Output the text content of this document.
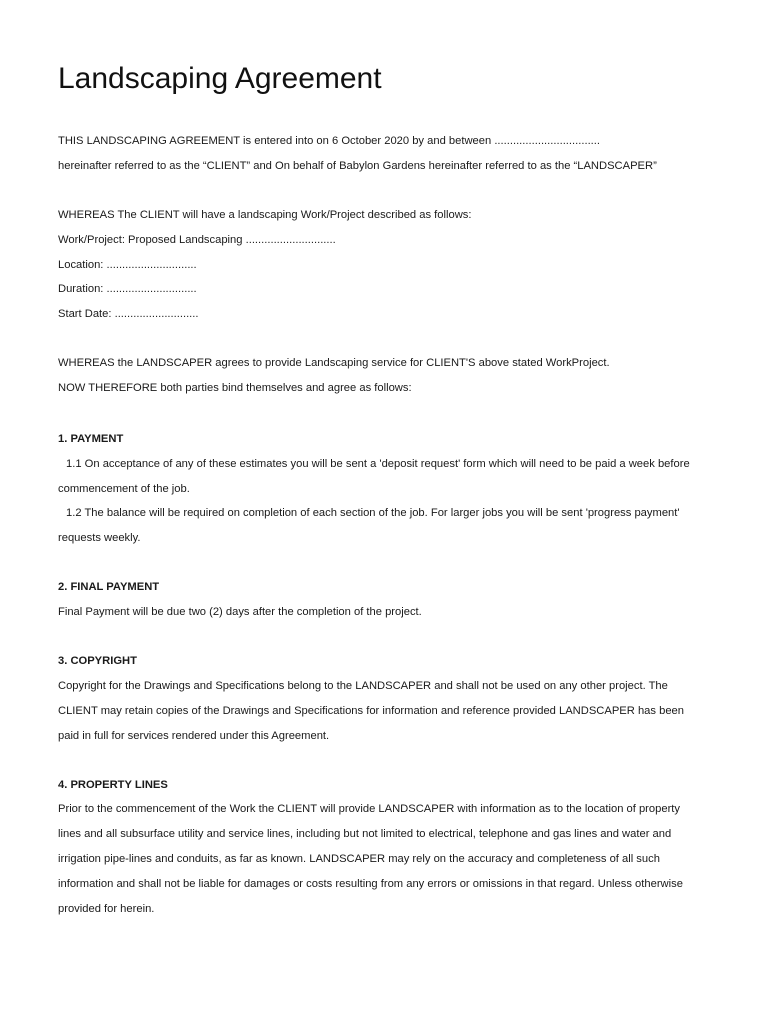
Landscaping Agreement
THIS LANDSCAPING AGREEMENT is entered into on 6 October 2020 by and between ..................................
hereinafter referred to as the “CLIENT” and On behalf of Babylon Gardens hereinafter referred to as the “LANDSCAPER”
WHEREAS The CLIENT will have a landscaping Work/Project described as follows:
Work/Project: Proposed Landscaping .............................
Location: .............................
Duration: .............................
Start Date: ...........................
WHEREAS the LANDSCAPER agrees to provide Landscaping service for CLIENT'S above stated WorkProject.
NOW THEREFORE both parties bind themselves and agree as follows:
1. PAYMENT
1.1 On acceptance of any of these estimates you will be sent a 'deposit request' form which will need to be paid a week before
commencement of the job.
1.2 The balance will be required on completion of each section of the job. For larger jobs you will be sent 'progress payment'
requests weekly.
2. FINAL PAYMENT
Final Payment will be due two (2) days after the completion of the project.
3. COPYRIGHT
Copyright for the Drawings and Specifications belong to the LANDSCAPER and shall not be used on any other project. The
CLIENT may retain copies of the Drawings and Specifications for information and reference provided LANDSCAPER has been
paid in full for services rendered under this Agreement.
4. PROPERTY LINES
Prior to the commencement of the Work the CLIENT will provide LANDSCAPER with information as to the location of property
lines and all subsurface utility and service lines, including but not limited to electrical, telephone and gas lines and water and
irrigation pipe-lines and conduits, as far as known. LANDSCAPER may rely on the accuracy and completeness of all such
information and shall not be liable for damages or costs resulting from any errors or omissions in that regard. Unless otherwise
provided for herein.
